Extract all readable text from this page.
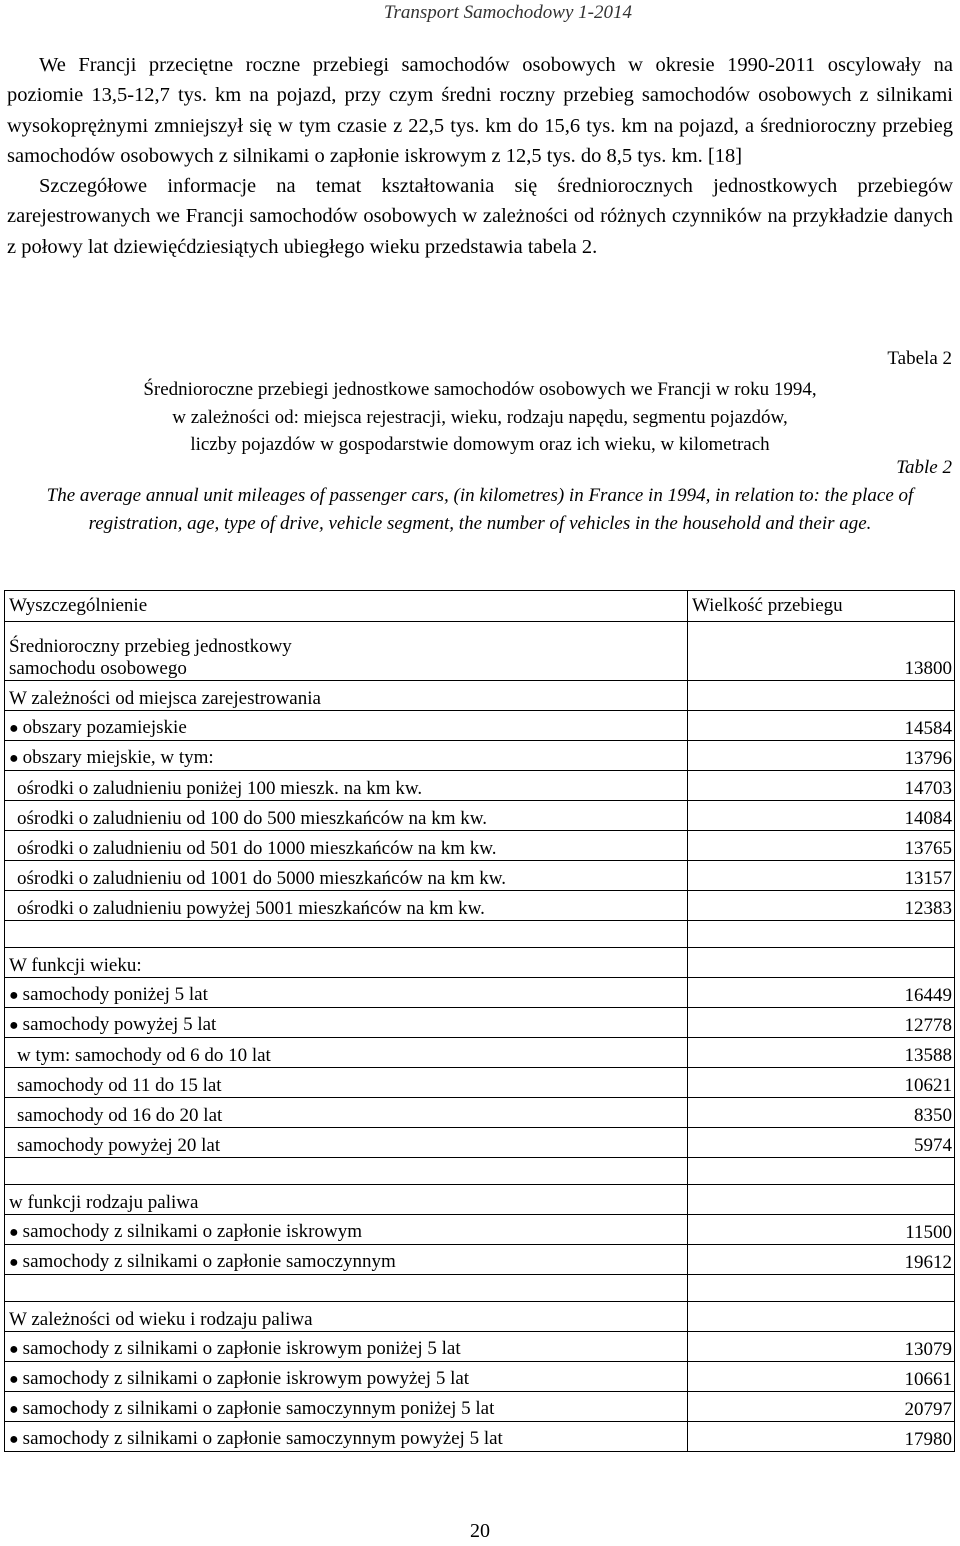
Transport Samochodowy 1-2014

We Francji przeciętne roczne przebiegi samochodów osobowych w okresie 1990-2011 oscylowały na poziomie 13,5-12,7 tys. km na pojazd, przy czym średni roczny przebieg samochodów osobowych z silnikami wysokoprężnymi zmniejszył się w tym czasie z 22,5 tys. km do 15,6 tys. km na pojazd, a średnioroczny przebieg samochodów osobowych z silnikami o zapłonie iskrowym z 12,5 tys. do 8,5 tys. km. [18]

Szczegółowe informacje na temat kształtowania się średniorocznych jednostkowych przebiegów zarejestrowanych we Francji samochodów osobowych w zależności od różnych czynników na przykładzie danych z połowy lat dziewięćdziesiątych ubiegłego wieku przedstawia tabela 2.

Tabela 2
Średnioroczne przebiegi jednostkowe samochodów osobowych we Francji w roku 1994,
w zależności od: miejsca rejestracji, wieku, rodzaju napędu, segmentu pojazdów,
liczby pojazdów w gospodarstwie domowym oraz ich wieku, w kilometrach
Table 2
The average annual unit mileages of passenger cars, (in kilometres) in France in 1994, in relation to: the place of registration, age, type of drive, vehicle segment, the number of vehicles in the household and their age.
Wyszczególnienie	Wielkość przebiegu

Średnioroczny przebieg jednostkowy
samochodu osobowego	13800
W zależności od miejsca zarejestrowania	
● obszary pozamiejskie	14584
● obszary miejskie, w tym:	13796
ośrodki o zaludnieniu poniżej 100 mieszk. na km kw.	14703
ośrodki o zaludnieniu od 100 do 500 mieszkańców na km kw.	14084
ośrodki o zaludnieniu od 501 do 1000 mieszkańców na km kw.	13765
ośrodki o zaludnieniu od 1001 do 5000 mieszkańców na km kw.	13157
ośrodki o zaludnieniu powyżej 5001 mieszkańców na km kw.	12383

W funkcji wieku:	
● samochody poniżej 5 lat	16449
● samochody powyżej 5 lat	12778
w tym: samochody od 6 do 10 lat	13588
samochody od 11 do 15 lat	10621
samochody od 16 do 20 lat	8350
samochody powyżej 20 lat	5974

w funkcji rodzaju paliwa	
● samochody z silnikami o zapłonie iskrowym	11500
● samochody z silnikami o zapłonie samoczynnym	19612

W zależności od wieku i rodzaju paliwa	
● samochody z silnikami o zapłonie iskrowym poniżej 5 lat	13079
● samochody z silnikami o zapłonie iskrowym powyżej 5 lat	10661
● samochody z silnikami o zapłonie samoczynnym poniżej 5 lat	20797
● samochody z silnikami o zapłonie samoczynnym powyżej 5 lat	17980
20
